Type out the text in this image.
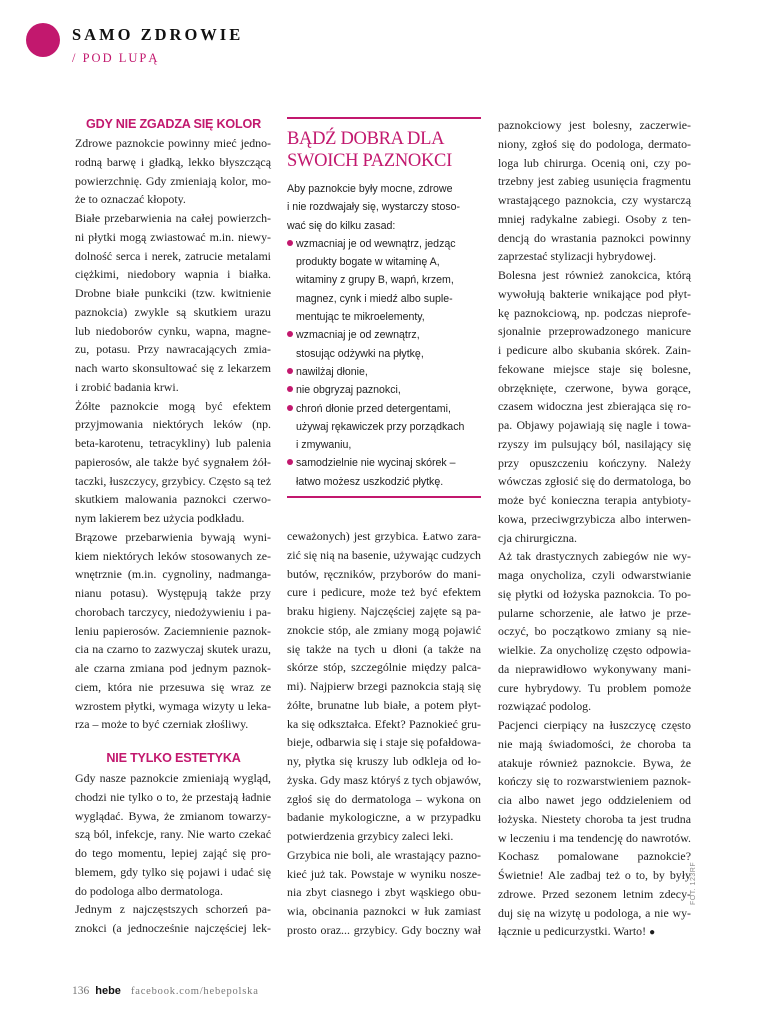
SAMO ZDROWIE
/ POD LUPĄ
GDY NIE ZGADZA SIĘ KOLOR
Zdrowe paznokcie powinny mieć jedno-
rodną barwę i gładką, lekko błyszczącą
powierzchnię. Gdy zmieniają kolor, mo-
że to oznaczać kłopoty.
Białe przebarwienia na całej powierzch-
ni płytki mogą zwiastować m.in. niewy-
dolność serca i nerek, zatrucie metalami
ciężkimi, niedobory wapnia i białka.
Drobne białe punkciki (tzw. kwitnienie
paznokcia) zwykle są skutkiem urazu
lub niedoborów cynku, wapna, magne-
zu, potasu. Przy nawracających zmia-
nach warto skonsultować się z lekarzem
i zrobić badania krwi.
Żółte paznokcie mogą być efektem
przyjmowania niektórych leków (np.
beta-karotenu, tetracykliny) lub palenia
papierosów, ale także być sygnałem żół-
taczki, łuszczycy, grzybicy. Często są też
skutkiem malowania paznokci czerwo-
nym lakierem bez użycia podkładu.
Brązowe przebarwienia bywają wyni-
kiem niektórych leków stosowanych ze-
wnętrznie (m.in. cygnoliny, nadmanga-
nianu potasu). Występują także przy
chorobach tarczycy, niedożywieniu i pa-
leniu papierosów. Zaciemnienie paznok-
cia na czarno to zazwyczaj skutek urazu,
ale czarna zmiana pod jednym paznok-
ciem, która nie przesuwa się wraz ze
wzrostem płytki, wymaga wizyty u leka-
rza – może to być czerniak złośliwy.
NIE TYLKO ESTETYKA
Gdy nasze paznokcie zmieniają wygląd,
chodzi nie tylko o to, że przestają ładnie
wyglądać. Bywa, że zmianom towarzy-
szą ból, infekcje, rany. Nie warto czekać
do tego momentu, lepiej zająć się pro-
blemem, gdy tylko się pojawi i udać się
do podologa albo dermatologa.
Jednym z najczęstszych schorzeń pa-
znokci (a jednocześnie najczęściej lek-
BĄDŹ DOBRA DLA
SWOICH PAZNOKCI
Aby paznokcie były mocne, zdrowe
i nie rozdwajały się, wystarczy stoso-
wać się do kilku zasad:
wzmacniaj je od wewnątrz, jedząc
produkty bogate w witaminę A,
witaminy z grupy B, wapń, krzem,
magnez, cynk i miedź albo suple-
mentując te mikroelementy,
wzmacniaj je od zewnątrz,
stosując odżywki na płytkę,
nawilżaj dłonie,
nie obgryzaj paznokci,
chroń dłonie przed detergentami,
używaj rękawiczek przy porządkach
i zmywaniu,
samodzielnie nie wycinaj skórek –
łatwo możesz uszkodzić płytkę.
ceważonych) jest grzybica. Łatwo zara-
zić się nią na basenie, używając cudzych
butów, ręczników, przyborów do mani-
cure i pedicure, może też być efektem
braku higieny. Najczęściej zajęte są pa-
znokcie stóp, ale zmiany mogą pojawić
się także na tych u dłoni (a także na
skórze stóp, szczególnie między palca-
mi). Najpierw brzegi paznokcia stają się
żółte, brunatne lub białe, a potem płyt-
ka się odkształca. Efekt? Paznokieć gru-
bieje, odbarwia się i staje się pofałdowa-
ny, płytka się kruszy lub odkleja od ło-
żyska. Gdy masz któryś z tych objawów,
zgłoś się do dermatologa – wykona on
badanie mykologiczne, a w przypadku
potwierdzenia grzybicy zaleci leki.
Grzybica nie boli, ale wrastający pazno-
kieć już tak. Powstaje w wyniku nosze-
nia zbyt ciasnego i zbyt wąskiego obu-
wia, obcinania paznokci w łuk zamiast
prosto oraz... grzybicy. Gdy boczny wał
paznokciowy jest bolesny, zaczerwie-
niony, zgłoś się do podologa, dermato-
loga lub chirurga. Ocenią oni, czy po-
trzebny jest zabieg usunięcia fragmentu
wrastającego paznokcia, czy wystarczą
mniej radykalne zabiegi. Osoby z ten-
dencją do wrastania paznokci powinny
zaprzestać stylizacji hybrydowej.
Bolesna jest również zanokcica, którą
wywołują bakterie wnikające pod płyt-
kę paznokciową, np. podczas nieprofe-
sjonalnie przeprowadzonego manicure
i pedicure albo skubania skórek. Zain-
fekowane miejsce staje się bolesne,
obrzęknięte, czerwone, bywa gorące,
czasem widoczna jest zbierająca się ro-
pa. Objawy pojawiają się nagle i towa-
rzyszy im pulsujący ból, nasilający się
przy opuszczeniu kończyny. Należy
wówczas zgłosić się do dermatologa, bo
może być konieczna terapia antybioty-
kowa, przeciwgrzybicza albo interwen-
cja chirurgiczna.
Aż tak drastycznych zabiegów nie wy-
maga onycholiza, czyli odwarstwianie
się płytki od łożyska paznokcia. To po-
pularne schorzenie, ale łatwo je prze-
oczyć, bo początkowo zmiany są nie-
wielkie. Za onycholizę często odpowia-
da nieprawidłowo wykonywany mani-
cure hybrydowy. Tu problem pomoże
rozwiązać podolog.
Pacjenci cierpiący na łuszczycę często
nie mają świadomości, że choroba ta
atakuje również paznokcie. Bywa, że
kończy się to rozwarstwieniem paznok-
cia albo nawet jego oddzieleniem od
łożyska. Niestety choroba ta jest trudna
w leczeniu i ma tendencję do nawrotów.
Kochasz pomalowane paznokcie?
Świetnie! Ale zadbaj też o to, by były
zdrowe. Przed sezonem letnim zdecy-
duj się na wizytę u podologa, a nie wy-
łącznie u pedicurzystki. Warto! ●
FOT. 123RF
136 hebe facebook.com/hebepolska
